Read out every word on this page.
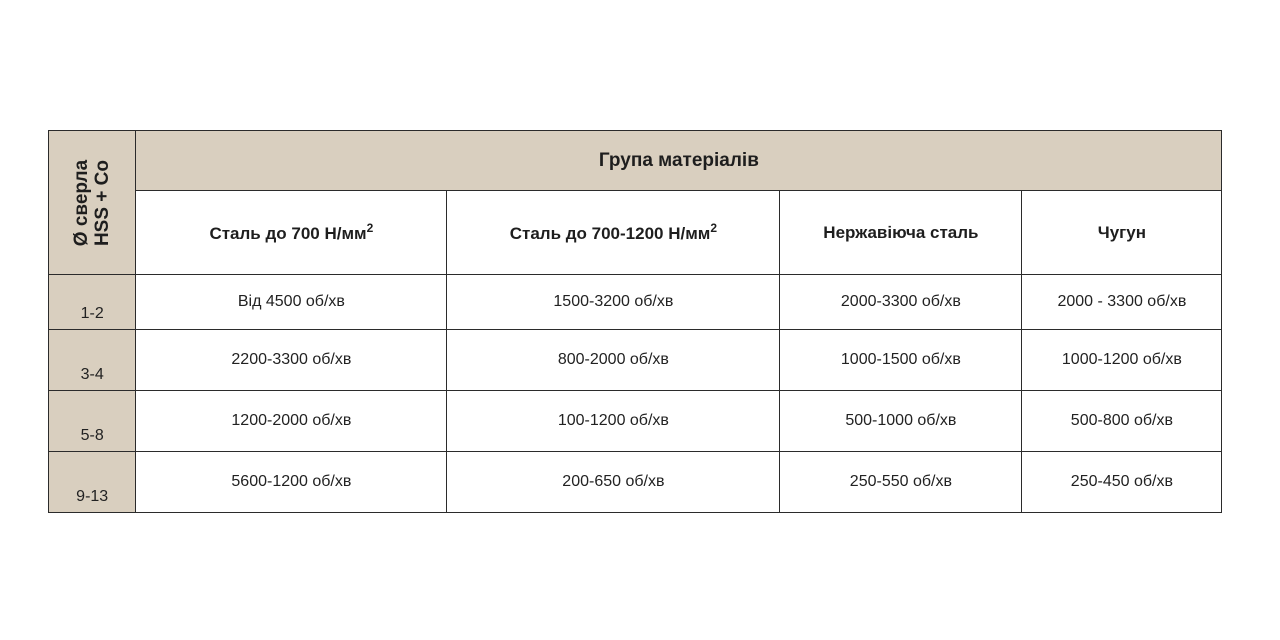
Ø сверла HSS + Co	Група матеріалів			
	Сталь до 700 $Н/мм^2$	Сталь до 700-1200 $Н/мм^2$	Нержавіюча сталь	Чугун
1-2	Від 4500 об/хв	1500-3200 об/хв	2000-3300 об/хв	2000 - 3300 об/хв
3-4	2200-3300 об/хв	800-2000 об/хв	1000-1500 об/хв	1000-1200 об/хв
5-8	1200-2000 об/хв	100-1200 об/хв	500-1000 об/хв	500-800 об/хв
9-13	5600-1200 об/хв	200-650 об/хв	250-550 об/хв	250-450 об/хв
